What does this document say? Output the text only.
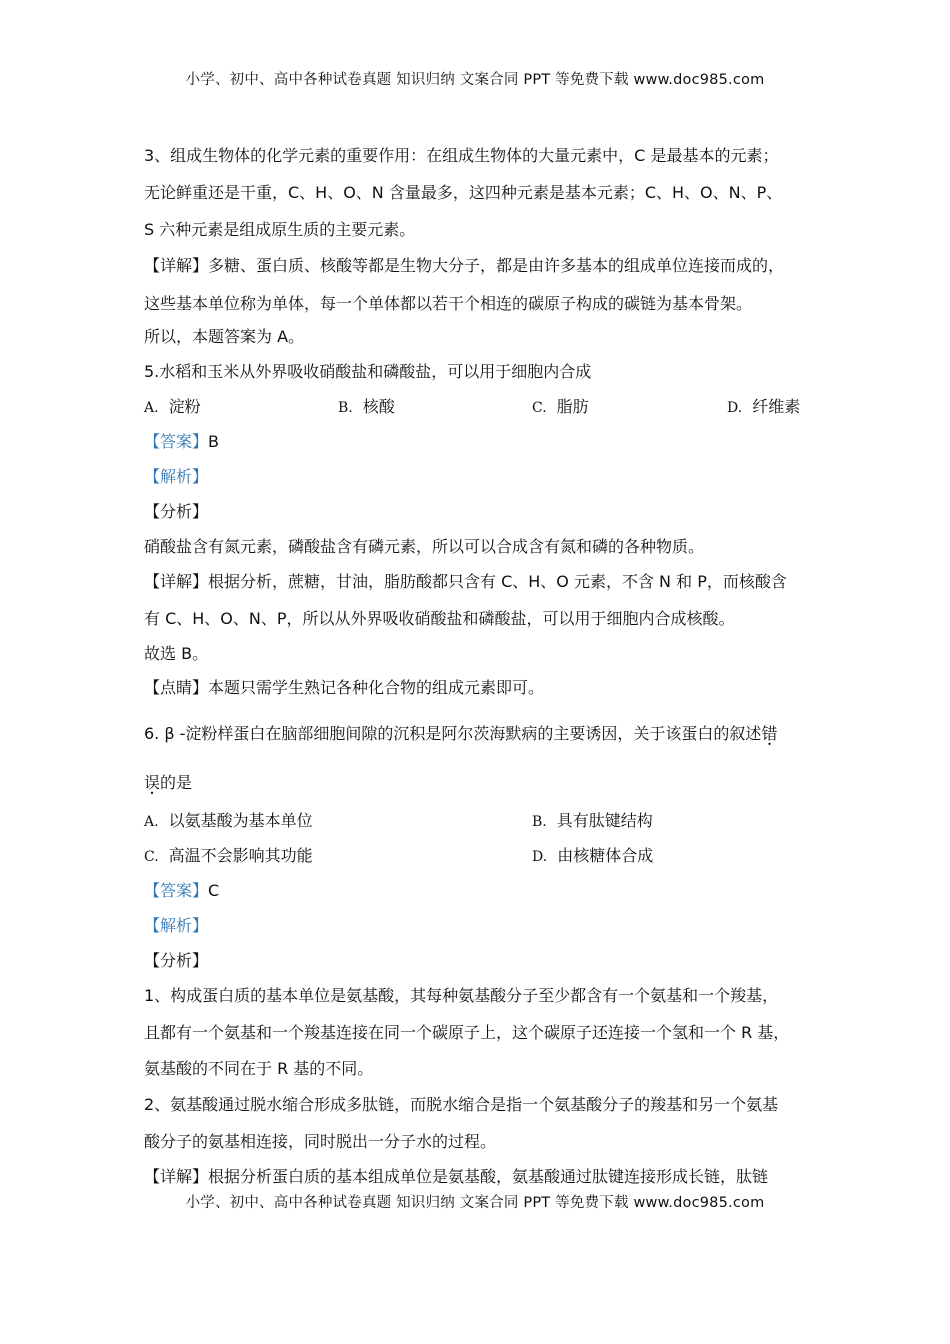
小学、初中、高中各种试卷真题 知识归纳 文案合同 PPT 等免费下载 www.doc985.com
3、组成生物体的化学元素的重要作用：在组成生物体的大量元素中，C 是最基本的元素；
无论鲜重还是干重，C、H、O、N 含量最多，这四种元素是基本元素；C、H、O、N、P、
S 六种元素是组成原生质的主要元素。
【详解】多糖、蛋白质、核酸等都是生物大分子，都是由许多基本的组成单位连接而成的，
这些基本单位称为单体，每一个单体都以若干个相连的碳原子构成的碳链为基本骨架。
所以，本题答案为 A。
5.水稻和玉米从外界吸收硝酸盐和磷酸盐，可以用于细胞内合成
A. 淀粉	B. 核酸	C. 脂肪	D. 纤维素
【答案】B
【解析】
【分析】
硝酸盐含有氮元素，磷酸盐含有磷元素，所以可以合成含有氮和磷的各种物质。
【详解】根据分析，蔗糖，甘油，脂肪酸都只含有 C、H、O 元素，不含 N 和 P，而核酸含
有 C、H、O、N、P，所以从外界吸收硝酸盐和磷酸盐，可以用于细胞内合成核酸。
故选 B。
【点睛】本题只需学生熟记各种化合物的组成元素即可。
6. β -淀粉样蛋白在脑部细胞间隙的沉积是阿尔茨海默病的主要诱因，关于该蛋白的叙述错
误的是
A. 以氨基酸为基本单位	B. 具有肽键结构
C. 高温不会影响其功能	D. 由核糖体合成
【答案】C
【解析】
【分析】
1、构成蛋白质的基本单位是氨基酸，其每种氨基酸分子至少都含有一个氨基和一个羧基，
且都有一个氨基和一个羧基连接在同一个碳原子上，这个碳原子还连接一个氢和一个 R 基，
氨基酸的不同在于 R 基的不同。
2、氨基酸通过脱水缩合形成多肽链，而脱水缩合是指一个氨基酸分子的羧基和另一个氨基
酸分子的氨基相连接，同时脱出一分子水的过程。
【详解】根据分析蛋白质的基本组成单位是氨基酸，氨基酸通过肽键连接形成长链，肽链
小学、初中、高中各种试卷真题 知识归纳 文案合同 PPT 等免费下载 www.doc985.com
